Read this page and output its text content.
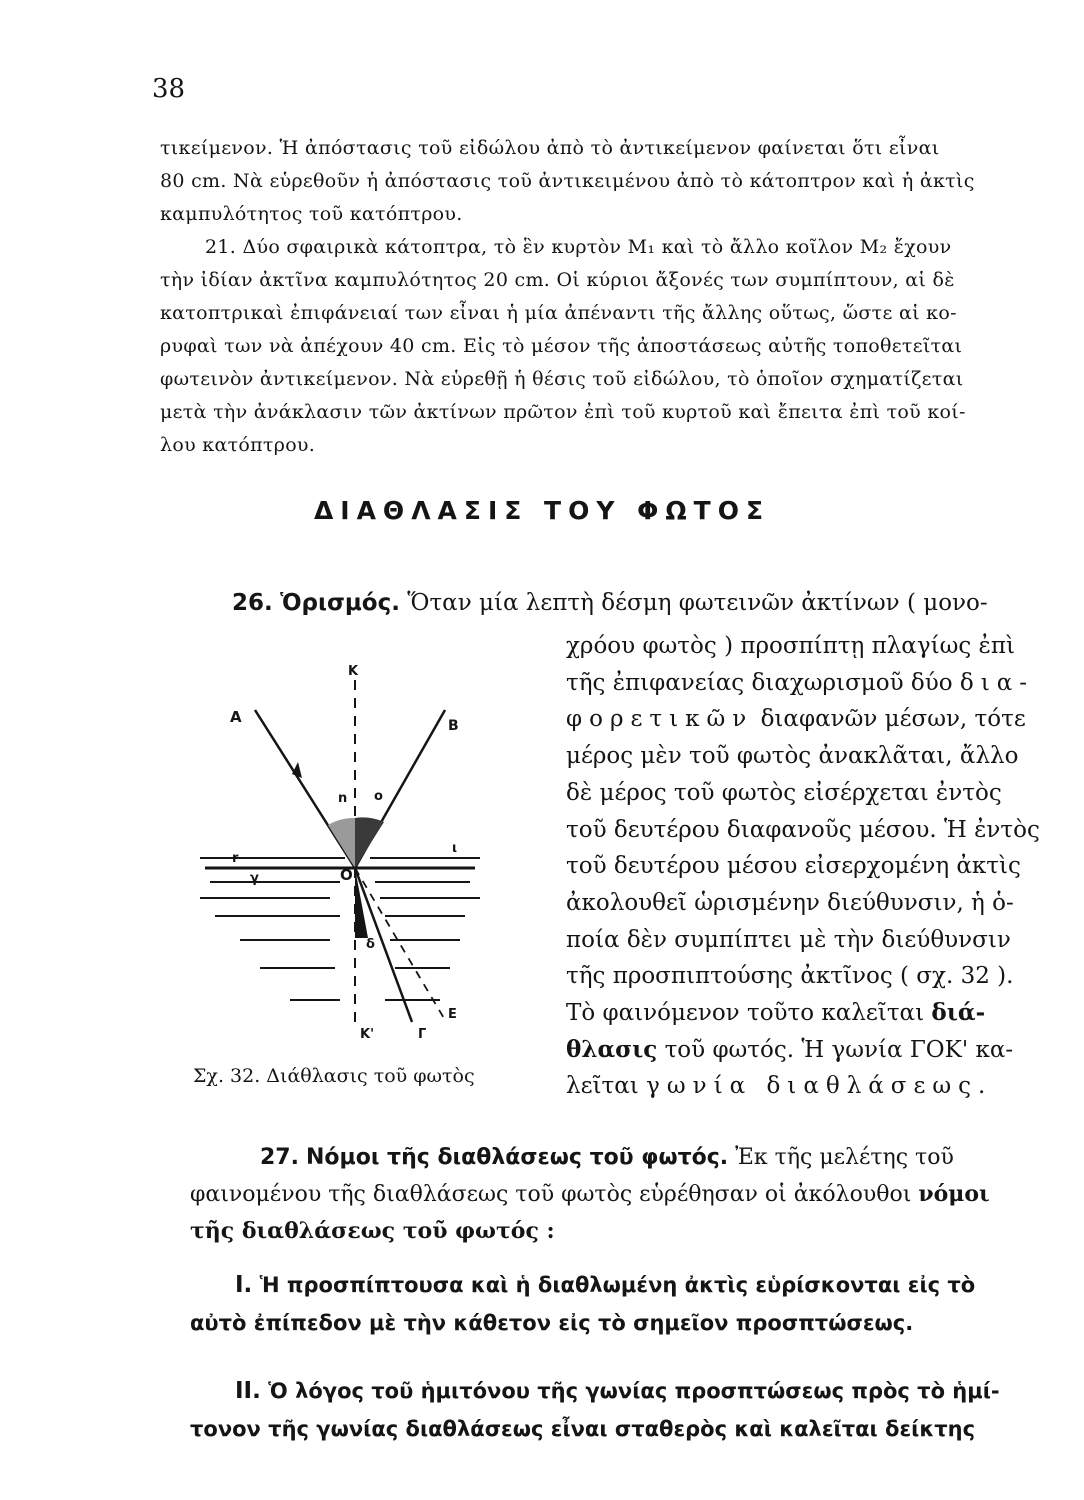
38
τικείμενον. Ἡ ἀπόστασις τοῦ εἰδώλου ἀπὸ τὸ ἀντικείμενον φαίνεται ὅτι εἶναι
80 cm. Νὰ εὑρεθοῦν ἡ ἀπόστασις τοῦ ἀντικειμένου ἀπὸ τὸ κάτοπτρον καὶ ἡ ἀκτὶς
καμπυλότητος τοῦ κατόπτρου.
21. Δύο σφαιρικὰ κάτοπτρα, τὸ ἓν κυρτὸν M₁ καὶ τὸ ἄλλο κοῖλον M₂ ἔχουν
τὴν ἰδίαν ἀκτῖνα καμπυλότητος 20 cm. Οἱ κύριοι ἄξονές των συμπίπτουν, αἱ δὲ
κατοπτρικαὶ ἐπιφάνειαί των εἶναι ἡ μία ἀπέναντι τῆς ἄλλης οὕτως, ὥστε αἱ κο-
ρυφαὶ των νὰ ἀπέχουν 40 cm. Εἰς τὸ μέσον τῆς ἀποστάσεως αὐτῆς τοποθετεῖται
φωτεινὸν ἀντικείμενον. Νὰ εὑρεθῇ ἡ θέσις τοῦ εἰδώλου, τὸ ὁποῖον σχηματίζεται
μετὰ τὴν ἀνάκλασιν τῶν ἀκτίνων πρῶτον ἐπὶ τοῦ κυρτοῦ καὶ ἔπειτα ἐπὶ τοῦ κοί-
λου κατόπτρου.
ΔΙΑΘΛΑΣΙΣ ΤΟΥ ΦΩΤΟΣ
26. Ὁρισμός. Ὅταν μία λεπτὴ δέσμη φωτεινῶν ἀκτίνων ( μονο-
χρόου φωτὸς ) προσπίπτῃ πλαγίως ἐπὶ
τῆς ἐπιφανείας διαχωρισμοῦ δύο δια-
φορετικῶν διαφανῶν μέσων, τότε
μέρος μὲν τοῦ φωτὸς ἀνακλᾶται, ἄλλο
δὲ μέρος τοῦ φωτὸς εἰσέρχεται ἐντὸς
τοῦ δευτέρου διαφανοῦς μέσου. Ἡ ἐντὸς
τοῦ δευτέρου μέσου εἰσερχομένη ἀκτὶς
ἀκολουθεῖ ὡρισμένην διεύθυνσιν, ἡ ὁ-
ποία δὲν συμπίπτει μὲ τὴν διεύθυνσιν
τῆς προσπιπτούσης ἀκτῖνος ( σχ. 32 ).
Τὸ φαινόμενον τοῦτο καλεῖται διά-
θλασις τοῦ φωτός. Ἡ γωνία ΓΟΚ' κα-
λεῖται γωνία διαθλάσεως.
K
A	B
n o
O
ι
r
δ
γ
E
K'	Γ
Σχ. 32. Διάθλασις τοῦ φωτὸς
27. Νόμοι τῆς διαθλάσεως τοῦ φωτός. Ἐκ τῆς μελέτης τοῦ
φαινομένου τῆς διαθλάσεως τοῦ φωτὸς εὑρέθησαν οἱ ἀκόλουθοι νόμοι
τῆς διαθλάσεως τοῦ φωτός :
I. Ἡ προσπίπτουσα καὶ ἡ διαθλωμένη ἀκτὶς εὑρίσκονται εἰς τὸ
αὐτὸ ἐπίπεδον μὲ τὴν κάθετον εἰς τὸ σημεῖον προσπτώσεως.
II. Ὁ λόγος τοῦ ἡμιτόνου τῆς γωνίας προσπτώσεως πρὸς τὸ ἡμί-
τονον τῆς γωνίας διαθλάσεως εἶναι σταθερὸς καὶ καλεῖται δείκτης
